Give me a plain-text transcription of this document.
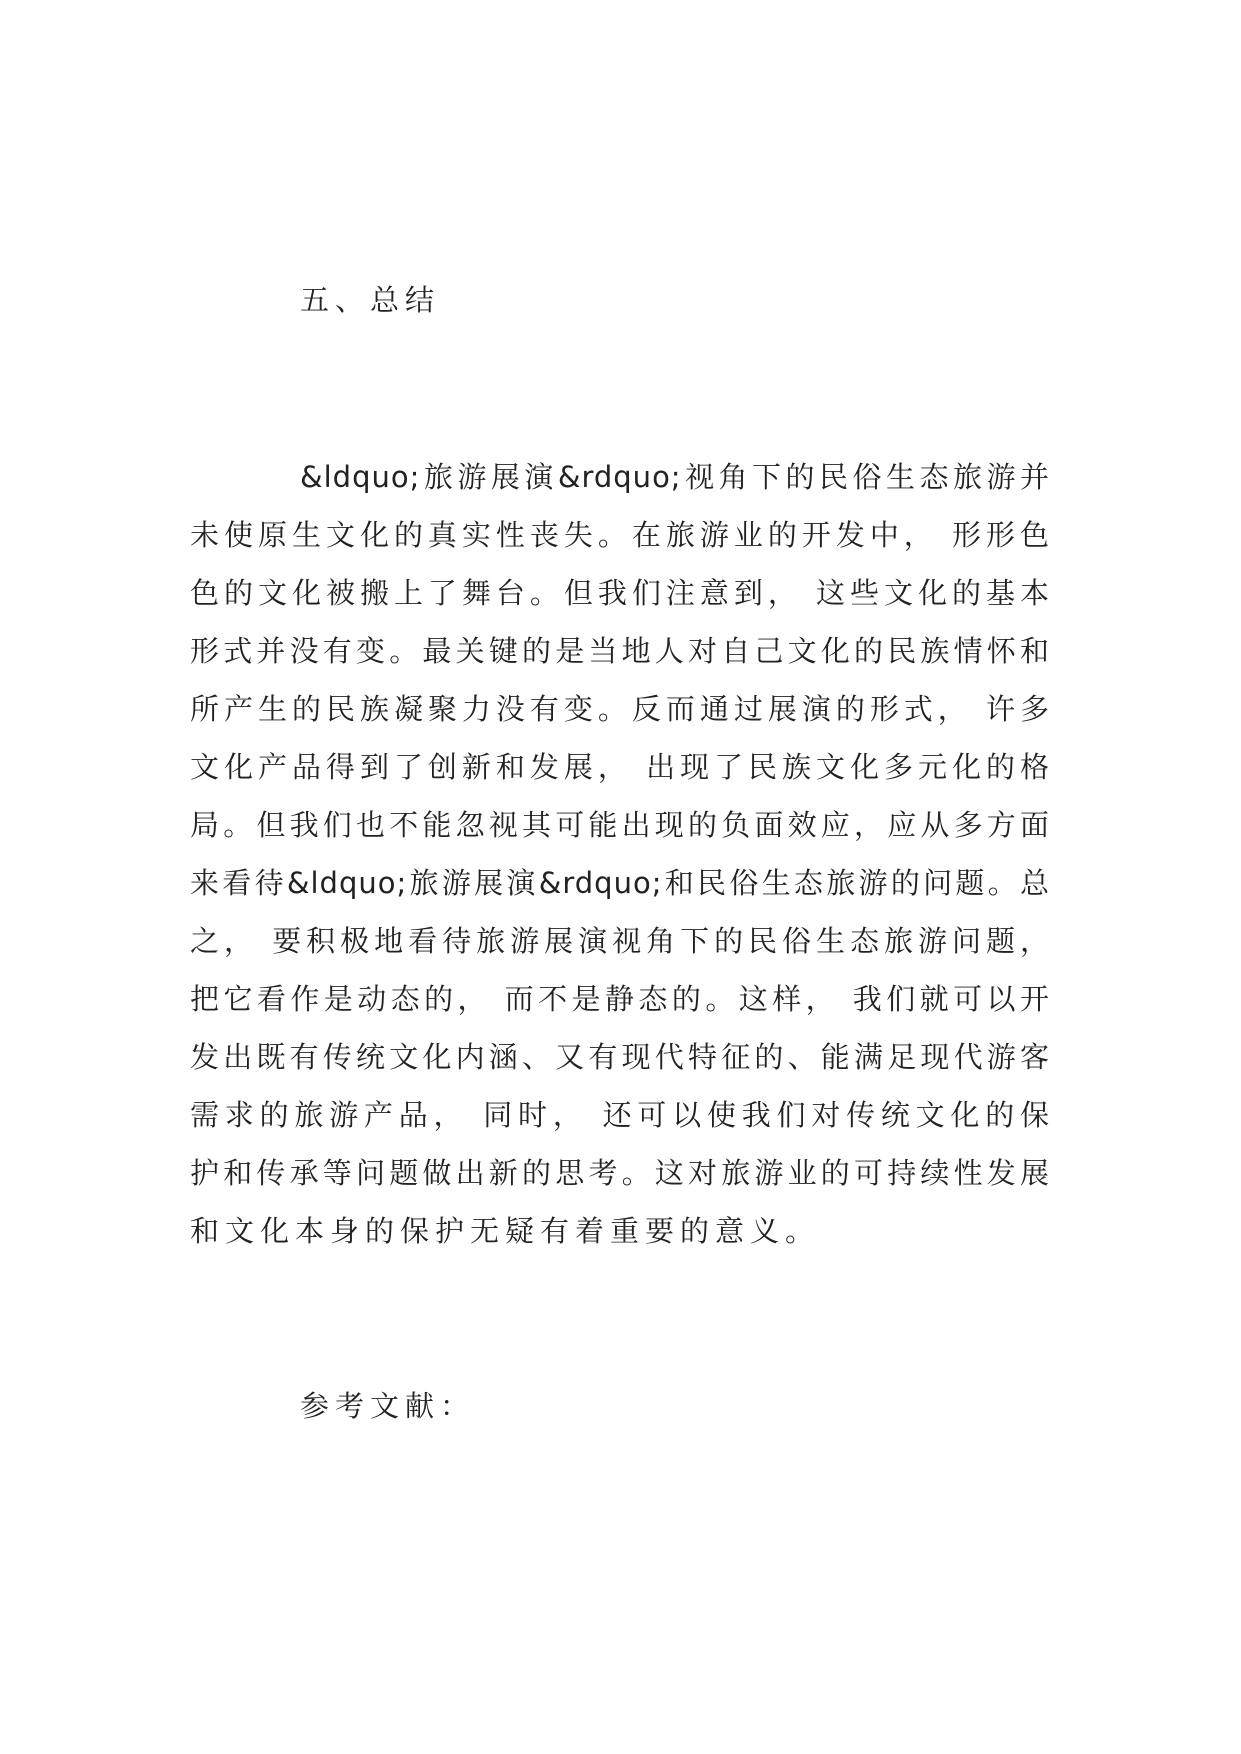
五、总结
&ldquo;旅游展演&rdquo;视角下的民俗生态旅游并
未使原生文化的真实性丧失。在旅游业的开发中， 形形色
色的文化被搬上了舞台。但我们注意到， 这些文化的基本
形式并没有变。最关键的是当地人对自己文化的民族情怀和
所产生的民族凝聚力没有变。反而通过展演的形式， 许多
文化产品得到了创新和发展， 出现了民族文化多元化的格
局。但我们也不能忽视其可能出现的负面效应，应从多方面
来看待&ldquo;旅游展演&rdquo;和民俗生态旅游的问题。总
之， 要积极地看待旅游展演视角下的民俗生态旅游问题，
把它看作是动态的， 而不是静态的。这样， 我们就可以开
发出既有传统文化内涵、又有现代特征的、能满足现代游客
需求的旅游产品， 同时， 还可以使我们对传统文化的保
护和传承等问题做出新的思考。这对旅游业的可持续性发展
和文化本身的保护无疑有着重要的意义。
参考文献：
